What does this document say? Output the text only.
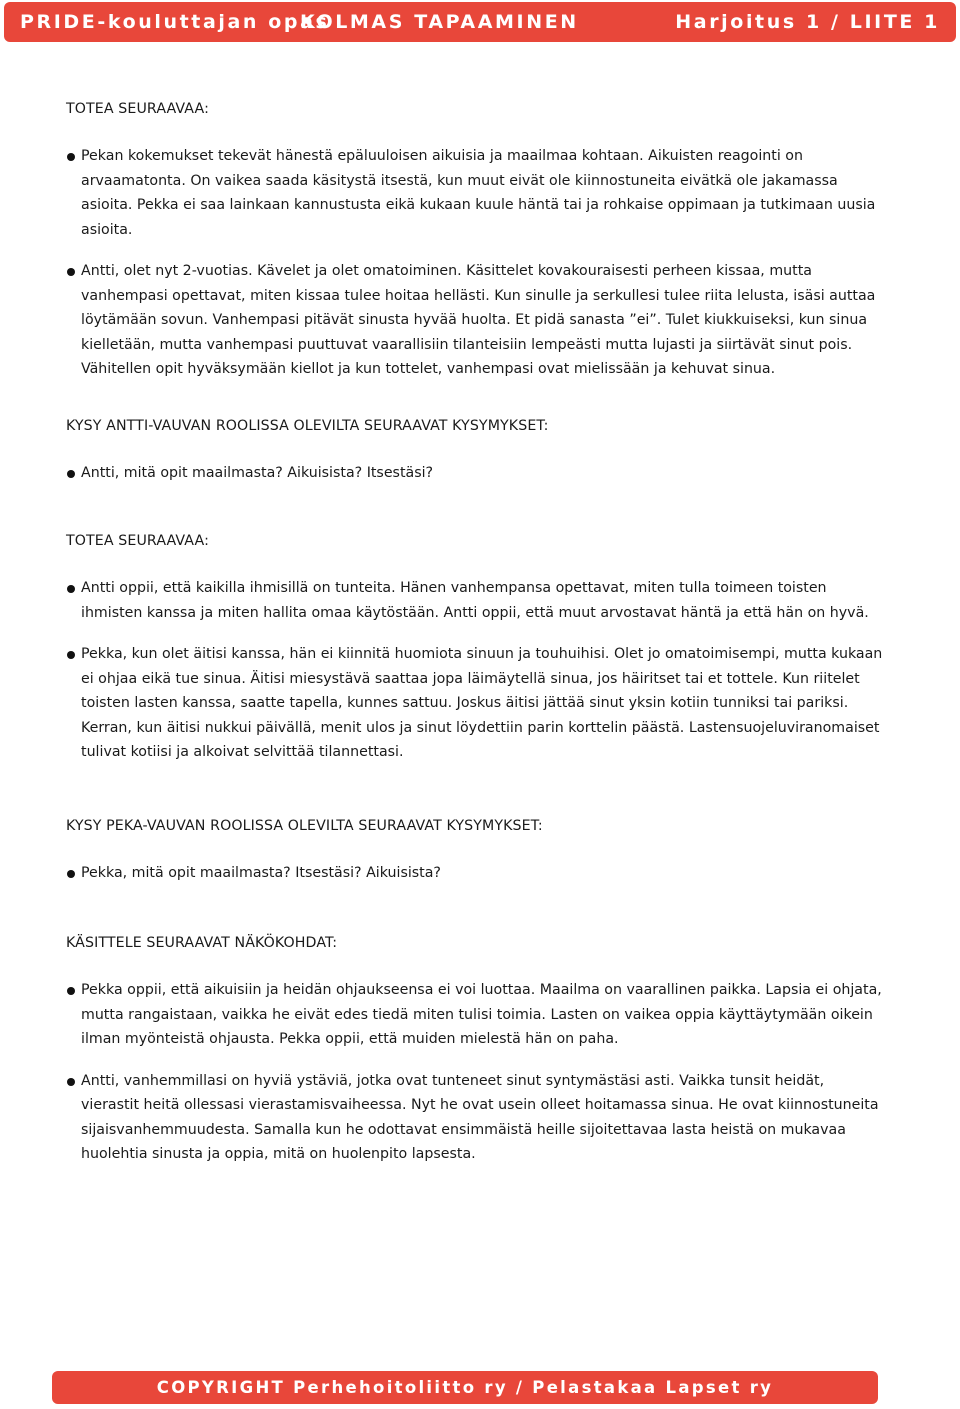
PRIDE-kouluttajan opas
KOLMAS TAPAAMINEN	Harjoitus 1 / LIITE 1
TOTEA SEURAAVAA:
Pekan kokemukset tekevät hänestä epäluuloisen aikuisia ja maailmaa kohtaan. Aikuisten reagointi on arvaamatonta. On vaikea saada käsitystä itsestä, kun muut eivät ole kiinnostuneita eivätkä ole jakamassa asioita. Pekka ei saa lainkaan kannustusta eikä kukaan kuule häntä tai ja rohkaise oppimaan ja tutkimaan uusia asioita.
Antti, olet nyt 2-vuotias. Kävelet ja olet omatoiminen. Käsittelet kovakouraisesti perheen kissaa, mutta vanhempasi opettavat, miten kissaa tulee hoitaa hellästi. Kun sinulle ja serkullesi tulee riita lelusta, isäsi auttaa löytämään sovun. Vanhempasi pitävät sinusta hyvää huolta. Et pidä sanasta ”ei”. Tulet kiukkuiseksi, kun sinua kielletään, mutta vanhempasi puuttuvat vaarallisiin tilanteisiin lempeästi mutta lujasti ja siirtävät sinut pois. Vähitellen opit hyväksymään kiellot ja kun tottelet, vanhempasi ovat mielissään ja kehuvat sinua.
KYSY ANTTI-VAUVAN ROOLISSA OLEVILTA SEURAAVAT KYSYMYKSET:
Antti, mitä opit maailmasta? Aikuisista? Itsestäsi?
TOTEA SEURAAVAA:
Antti oppii, että kaikilla ihmisillä on tunteita. Hänen vanhempansa opettavat, miten tulla toimeen toisten ihmisten kanssa ja miten hallita omaa käytöstään. Antti oppii, että muut arvostavat häntä ja että hän on hyvä.
Pekka, kun olet äitisi kanssa, hän ei kiinnitä huomiota sinuun ja touhuihisi. Olet jo omatoimisempi, mutta kukaan ei ohjaa eikä tue sinua. Äitisi miesystävä saattaa jopa läimäytellä sinua, jos häiritset tai et tottele. Kun riitelet toisten lasten kanssa, saatte tapella, kunnes sattuu. Joskus äitisi jättää sinut yksin kotiin tunniksi tai pariksi. Kerran, kun äitisi nukkui päivällä, menit ulos ja sinut löydettiin parin korttelin päästä. Lastensuojeluviranomaiset tulivat kotiisi ja alkoivat selvittää tilannettasi.
KYSY PEKA-VAUVAN ROOLISSA OLEVILTA SEURAAVAT KYSYMYKSET:
Pekka, mitä opit maailmasta? Itsestäsi? Aikuisista?
KÄSITTELE SEURAAVAT NÄKÖKOHDAT:
Pekka oppii, että aikuisiin ja heidän ohjaukseensa ei voi luottaa. Maailma on vaarallinen paikka. Lapsia ei ohjata, mutta rangaistaan, vaikka he eivät edes tiedä miten tulisi toimia. Lasten on vaikea oppia käyttäytymään oikein ilman myönteistä ohjausta. Pekka oppii, että muiden mielestä hän on paha.
Antti, vanhemmillasi on hyviä ystäviä, jotka ovat tunteneet sinut syntymästäsi asti. Vaikka tunsit heidät, vierastit heitä ollessasi vierastamisvaiheessa. Nyt he ovat usein olleet hoitamassa sinua. He ovat kiinnostuneita sijaisvanhemmuudesta. Samalla kun he odottavat ensimmäistä heille sijoitettavaa lasta heistä on mukavaa huolehtia sinusta ja oppia, mitä on huolenpito lapsesta.
COPYRIGHT Perhehoitoliitto ry / Pelastakaa Lapset ry
